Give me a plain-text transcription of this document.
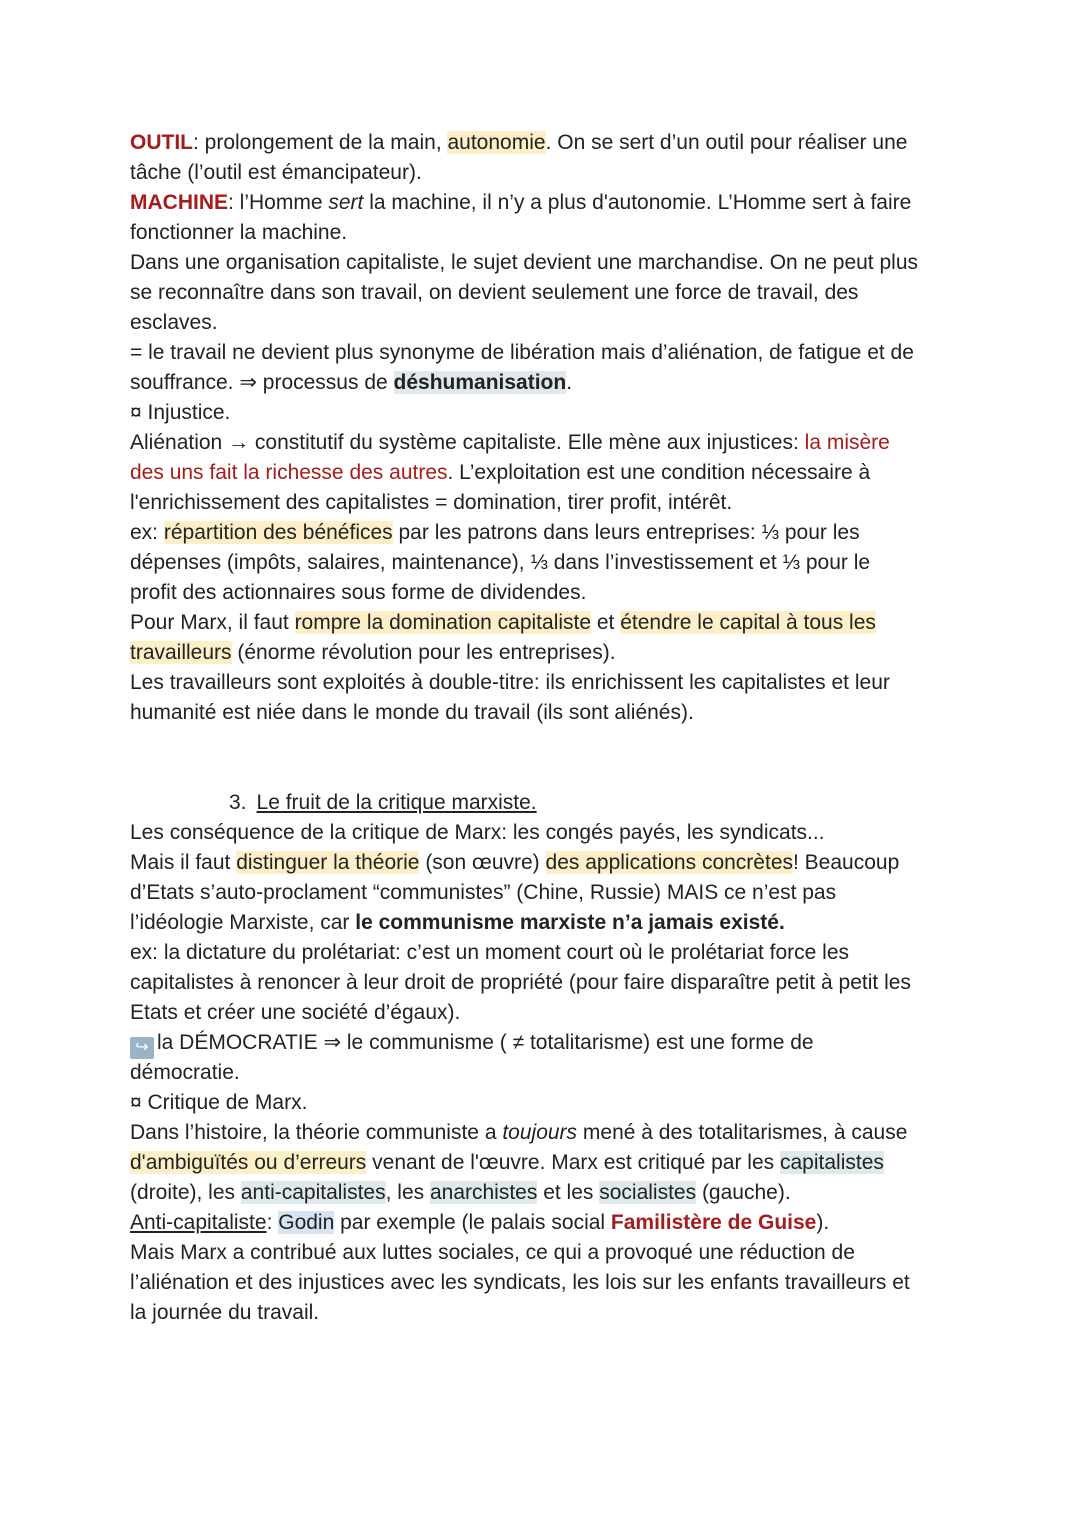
OUTIL: prolongement de la main, autonomie. On se sert d’un outil pour réaliser une
tâche (l’outil est émancipateur).
MACHINE: l’Homme sert la machine, il n’y a plus d'autonomie. L’Homme sert à faire
fonctionner la machine.
Dans une organisation capitaliste, le sujet devient une marchandise. On ne peut plus
se reconnaître dans son travail, on devient seulement une force de travail, des
esclaves.
= le travail ne devient plus synonyme de libération mais d’aliénation, de fatigue et de
souffrance. ⇒ processus de déshumanisation.
¤ Injustice.
Aliénation → constitutif du système capitaliste. Elle mène aux injustices: la misère
des uns fait la richesse des autres. L’exploitation est une condition nécessaire à
l'enrichissement des capitalistes = domination, tirer profit, intérêt.
ex: répartition des bénéfices par les patrons dans leurs entreprises: ⅓ pour les
dépenses (impôts, salaires, maintenance), ⅓ dans l’investissement et ⅓ pour le
profit des actionnaires sous forme de dividendes.
Pour Marx, il faut rompre la domination capitaliste et étendre le capital à tous les
travailleurs (énorme révolution pour les entreprises).
Les travailleurs sont exploités à double-titre: ils enrichissent les capitalistes et leur
humanité est niée dans le monde du travail (ils sont aliénés).
3. Le fruit de la critique marxiste.
Les conséquence de la critique de Marx: les congés payés, les syndicats...
Mais il faut distinguer la théorie (son œuvre) des applications concrètes! Beaucoup
d’Etats s’auto-proclament “communistes” (Chine, Russie) MAIS ce n’est pas
l’idéologie Marxiste, car le communisme marxiste n’a jamais existé.
ex: la dictature du prolétariat: c’est un moment court où le prolétariat force les
capitalistes à renoncer à leur droit de propriété (pour faire disparaître petit à petit les
Etats et créer une société d’égaux).
↪ la DÉMOCRATIE ⇒ le communisme ( ≠ totalitarisme) est une forme de
démocratie.
¤ Critique de Marx.
Dans l’histoire, la théorie communiste a toujours mené à des totalitarismes, à cause
d'ambiguïtés ou d’erreurs venant de l'œuvre. Marx est critiqué par les capitalistes
(droite), les anti-capitalistes, les anarchistes et les socialistes (gauche).
Anti-capitaliste: Godin par exemple (le palais social Familistère de Guise).
Mais Marx a contribué aux luttes sociales, ce qui a provoqué une réduction de
l’aliénation et des injustices avec les syndicats, les lois sur les enfants travailleurs et
la journée du travail.
